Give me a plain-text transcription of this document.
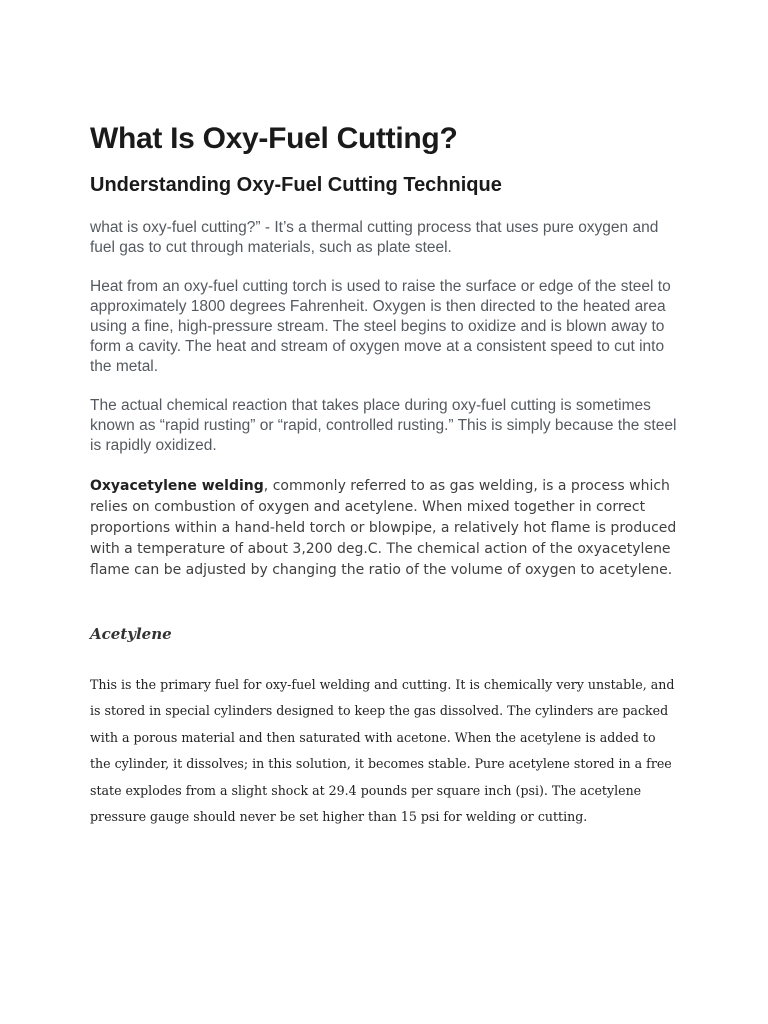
What Is Oxy-Fuel Cutting?
Understanding Oxy-Fuel Cutting Technique

what is oxy-fuel cutting?” - It’s a thermal cutting process that uses pure oxygen and fuel gas to cut through materials, such as plate steel.

Heat from an oxy-fuel cutting torch is used to raise the surface or edge of the steel to approximately 1800 degrees Fahrenheit. Oxygen is then directed to the heated area using a fine, high-pressure stream. The steel begins to oxidize and is blown away to form a cavity. The heat and stream of oxygen move at a consistent speed to cut into the metal.

The actual chemical reaction that takes place during oxy-fuel cutting is sometimes known as “rapid rusting” or “rapid, controlled rusting.” This is simply because the steel is rapidly oxidized.

Oxyacetylene welding, commonly referred to as gas welding, is a process which relies on combustion of oxygen and acetylene. When mixed together in correct proportions within a hand-held torch or blowpipe, a relatively hot flame is produced with a temperature of about 3,200 deg.C. The chemical action of the oxyacetylene flame can be adjusted by changing the ratio of the volume of oxygen to acetylene.

Acetylene

This is the primary fuel for oxy-fuel welding and cutting. It is chemically very unstable, and is stored in special cylinders designed to keep the gas dissolved. The cylinders are packed with a porous material and then saturated with acetone. When the acetylene is added to the cylinder, it dissolves; in this solution, it becomes stable. Pure acetylene stored in a free state explodes from a slight shock at 29.4 pounds per square inch (psi). The acetylene pressure gauge should never be set higher than 15 psi for welding or cutting.
